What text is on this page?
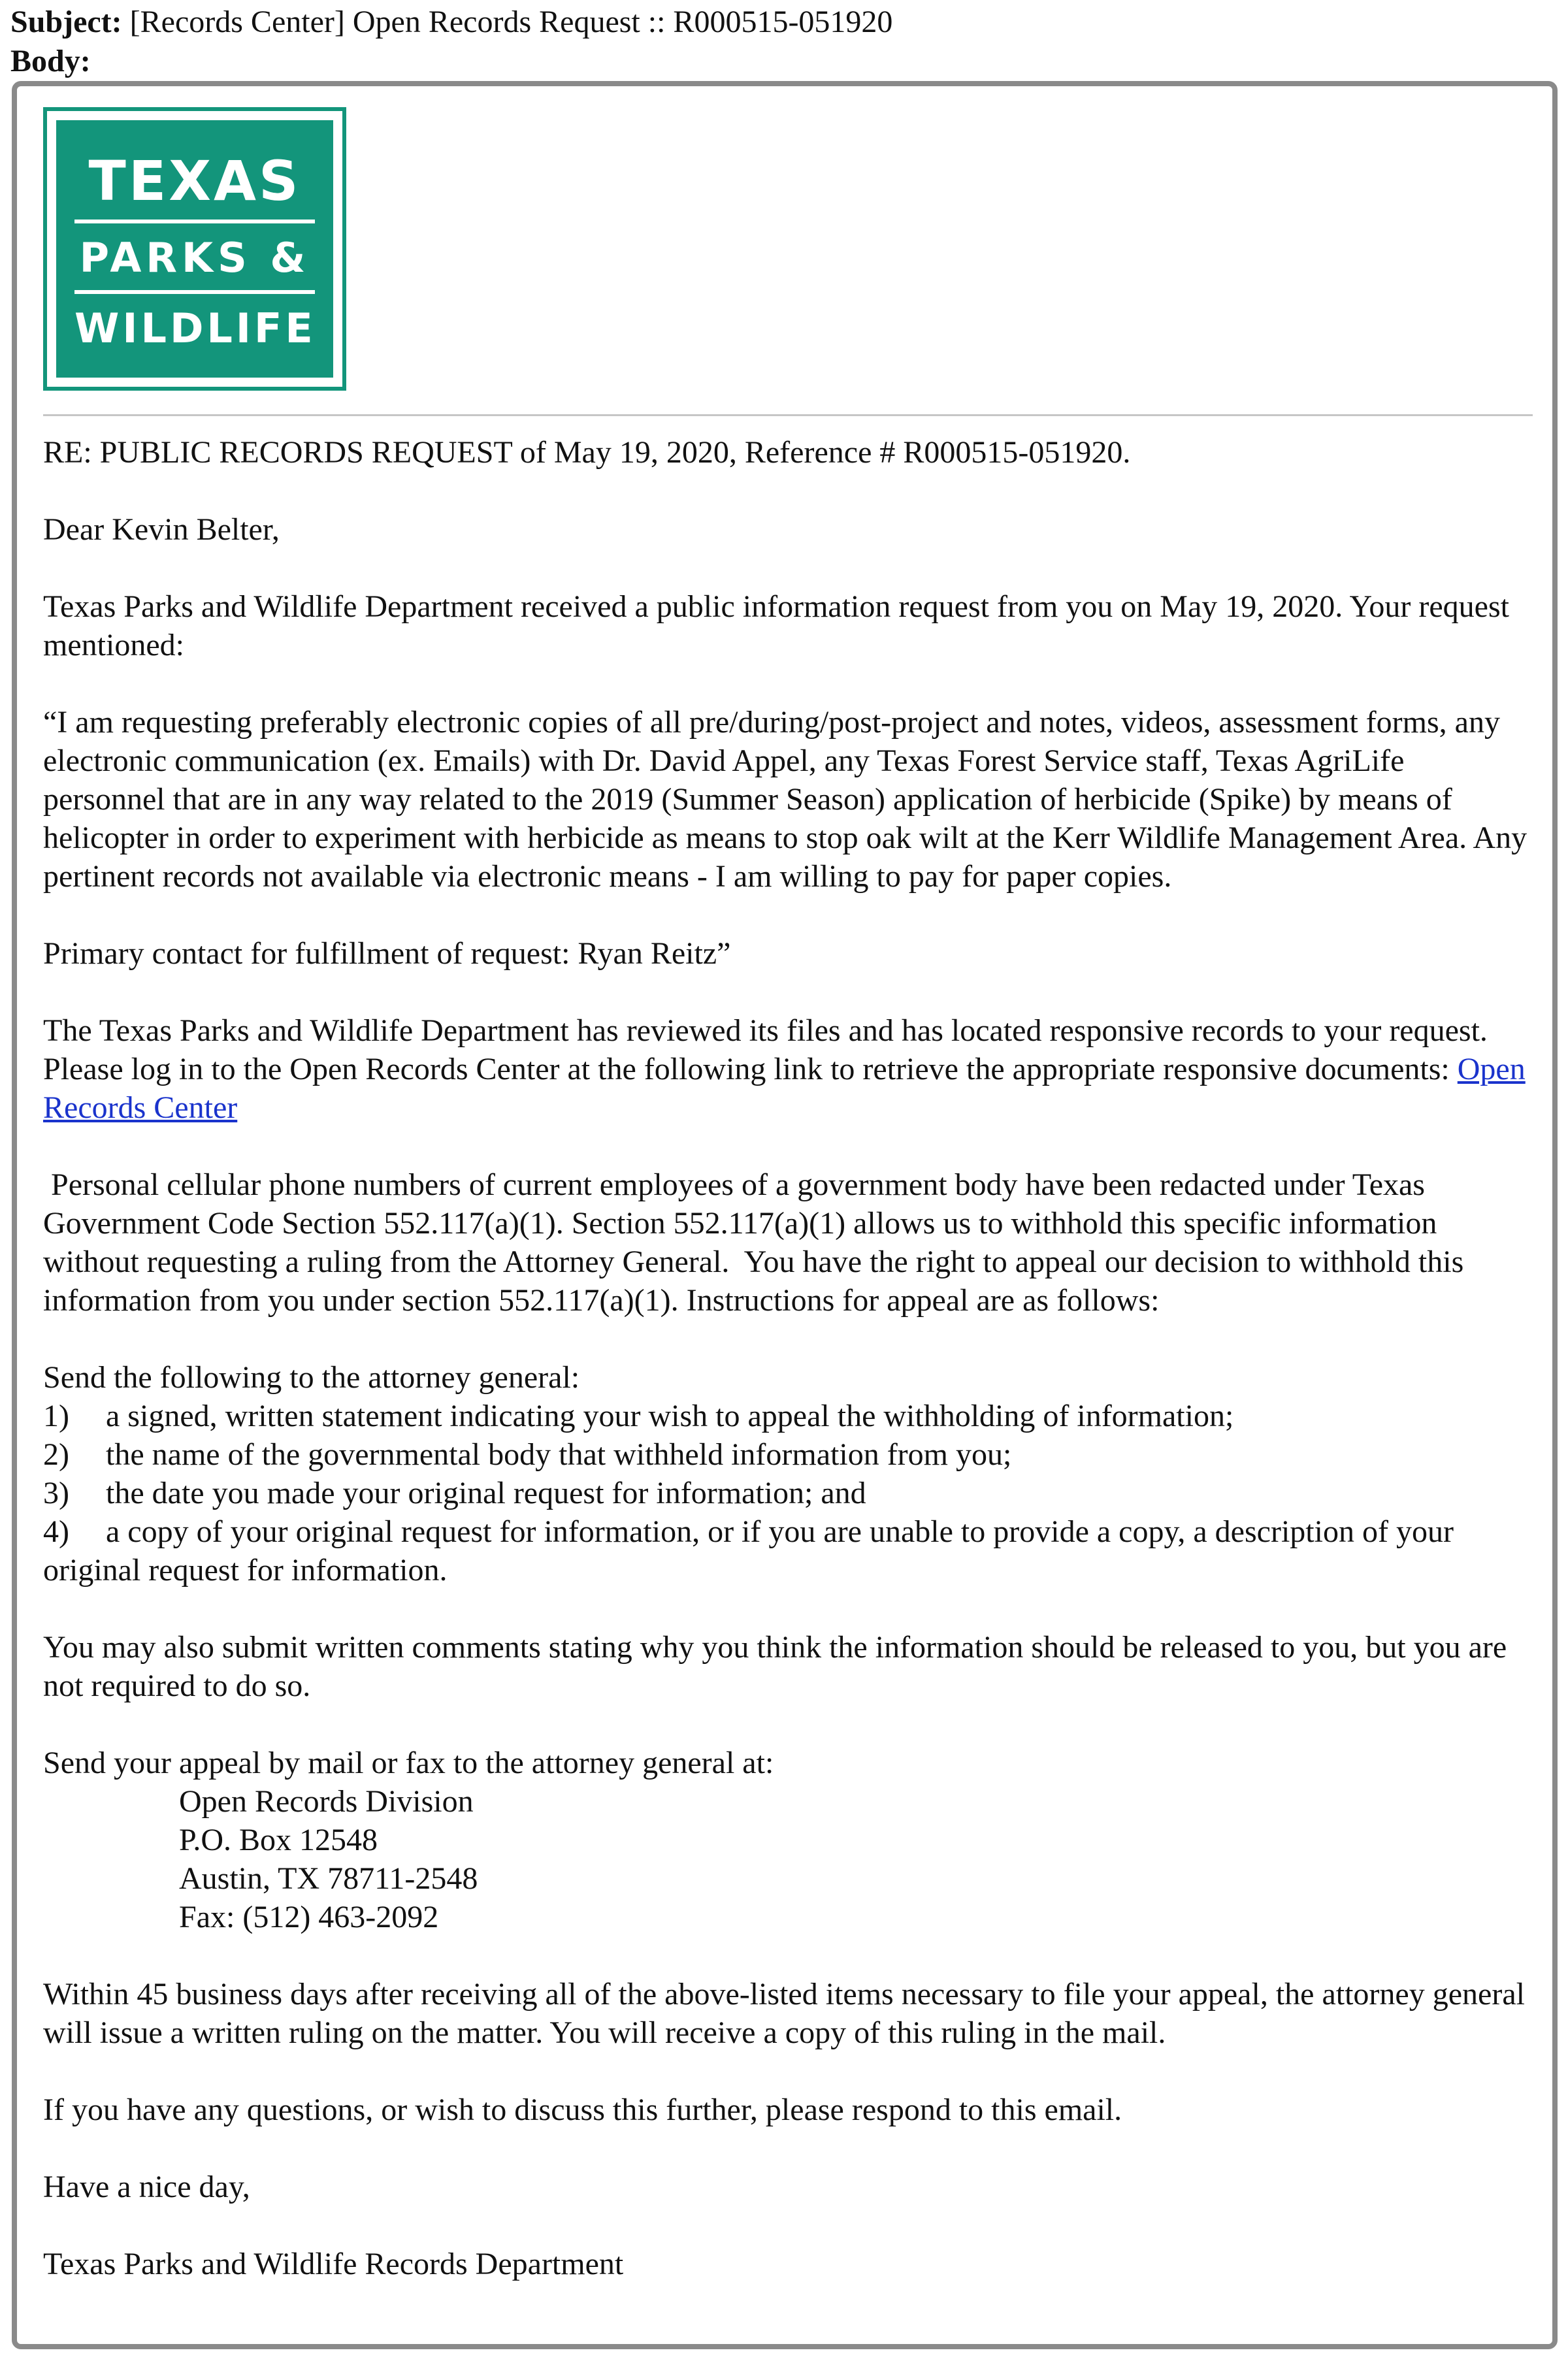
Subject: [Records Center] Open Records Request :: R000515-051920
Body:
TEXAS
PARKS &
WILDLIFE

RE: PUBLIC RECORDS REQUEST of May 19, 2020, Reference # R000515-051920.

Dear Kevin Belter,

Texas Parks and Wildlife Department received a public information request from you on May 19, 2020. Your request mentioned:

“I am requesting preferably electronic copies of all pre/during/post-project and notes, videos, assessment forms, any electronic communication (ex. Emails) with Dr. David Appel, any Texas Forest Service staff, Texas AgriLife personnel that are in any way related to the 2019 (Summer Season) application of herbicide (Spike) by means of helicopter in order to experiment with herbicide as means to stop oak wilt at the Kerr Wildlife Management Area. Any pertinent records not available via electronic means - I am willing to pay for paper copies.

Primary contact for fulfillment of request: Ryan Reitz”

The Texas Parks and Wildlife Department has reviewed its files and has located responsive records to your request. Please log in to the Open Records Center at the following link to retrieve the appropriate responsive documents: Open Records Center

Personal cellular phone numbers of current employees of a government body have been redacted under Texas Government Code Section 552.117(a)(1). Section 552.117(a)(1) allows us to withhold this specific information without requesting a ruling from the Attorney General.  You have the right to appeal our decision to withhold this information from you under section 552.117(a)(1). Instructions for appeal are as follows:

Send the following to the attorney general:
1) a signed, written statement indicating your wish to appeal the withholding of information;
2) the name of the governmental body that withheld information from you;
3) the date you made your original request for information; and
4) a copy of your original request for information, or if you are unable to provide a copy, a description of your original request for information.

You may also submit written comments stating why you think the information should be released to you, but you are not required to do so.

Send your appeal by mail or fax to the attorney general at:
Open Records Division
P.O. Box 12548
Austin, TX 78711-2548
Fax: (512) 463-2092

Within 45 business days after receiving all of the above-listed items necessary to file your appeal, the attorney general will issue a written ruling on the matter. You will receive a copy of this ruling in the mail.

If you have any questions, or wish to discuss this further, please respond to this email.

Have a nice day,

Texas Parks and Wildlife Records Department
